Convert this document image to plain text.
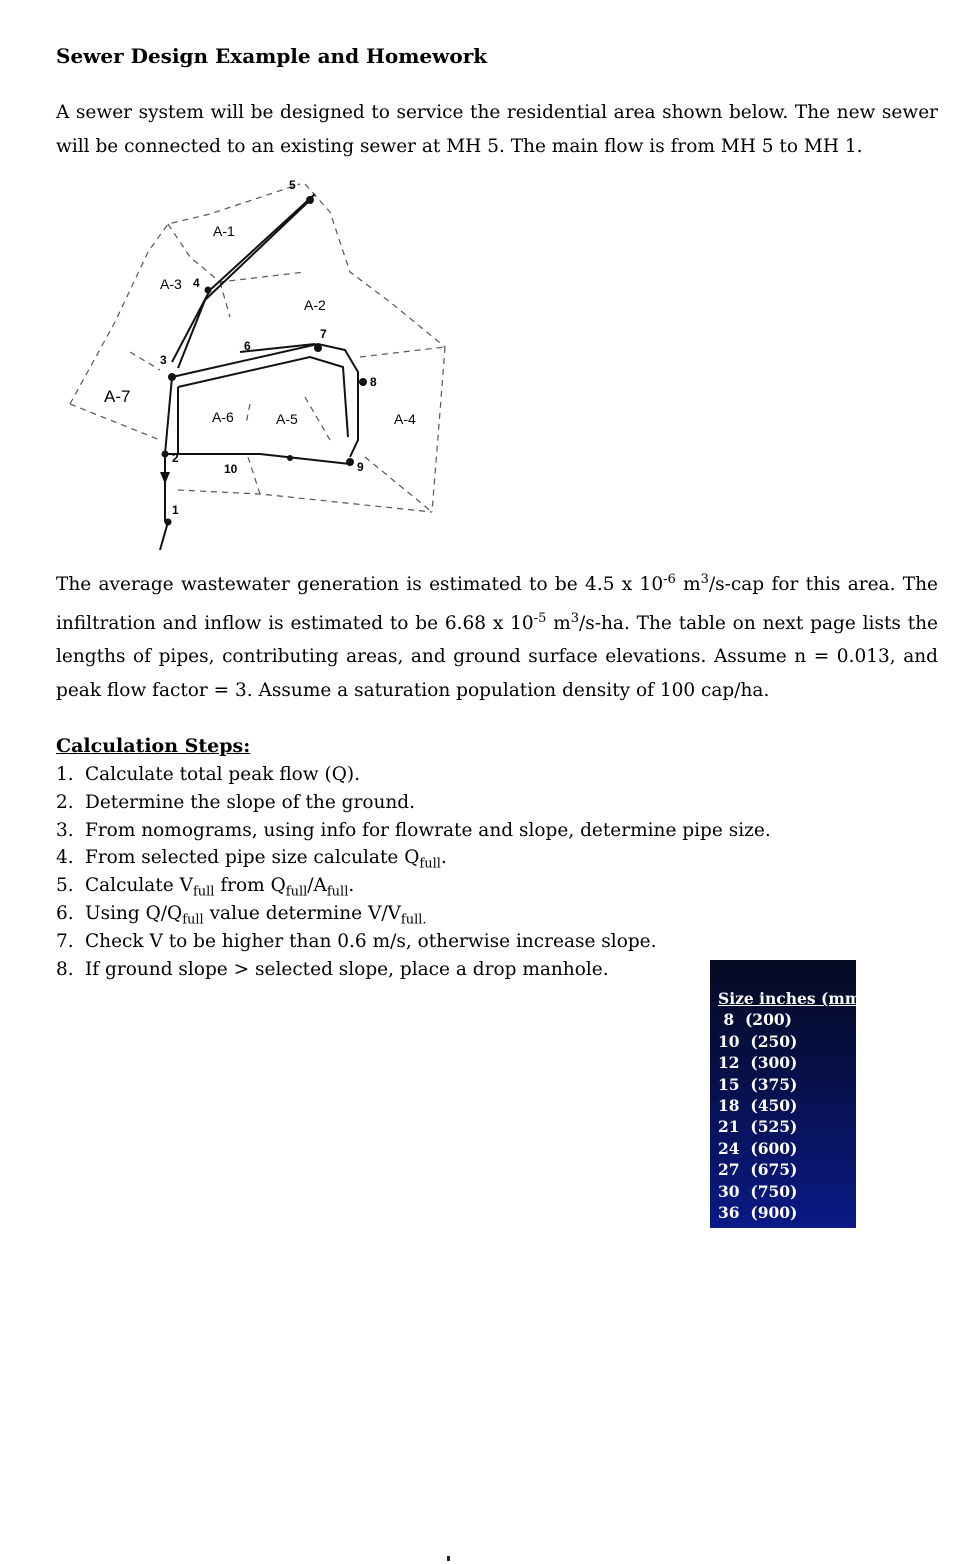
Sewer Design Example and Homework
A sewer system will be designed to service the residential area shown below. The new sewer will be connected to an existing sewer at MH 5. The main flow is from MH 5 to MH 1.
A-1
A-2
A-3
A-4
A-5
A-6
A-7
1
2
3
4
5
6
7
8
9
10
The average wastewater generation is estimated to be 4.5 x $10^{-6}$ $m^3/s$-cap for this area. The infiltration and inflow is estimated to be 6.68 x $10^{-5}$ $m^3/s-ha$. The table on next page lists the lengths of pipes, contributing areas, and ground surface elevations. Assume n = 0.013, and peak flow factor = 3. Assume a saturation population density of 100 cap/ha.
Calculation Steps:
1. Calculate total peak flow (Q).
2. Determine the slope of the ground.
3. From nomograms, using info for flowrate and slope, determine pipe size.
4. From selected pipe size calculate $Q_{full}$.
5. Calculate $V_{full}$ from $Q_{full}/A_{full}$.
6. Using $Q/Q_{full}$ value determine $V/V_{full.}$
7. Check V to be higher than 0.6 m/s, otherwise increase slope.
8. If ground slope > selected slope, place a drop manhole.
Size inches (mm)
8  (200)
10  (250)
12  (300)
15  (375)
18  (450)
21  (525)
24  (600)
27  (675)
30  (750)
36  (900)
